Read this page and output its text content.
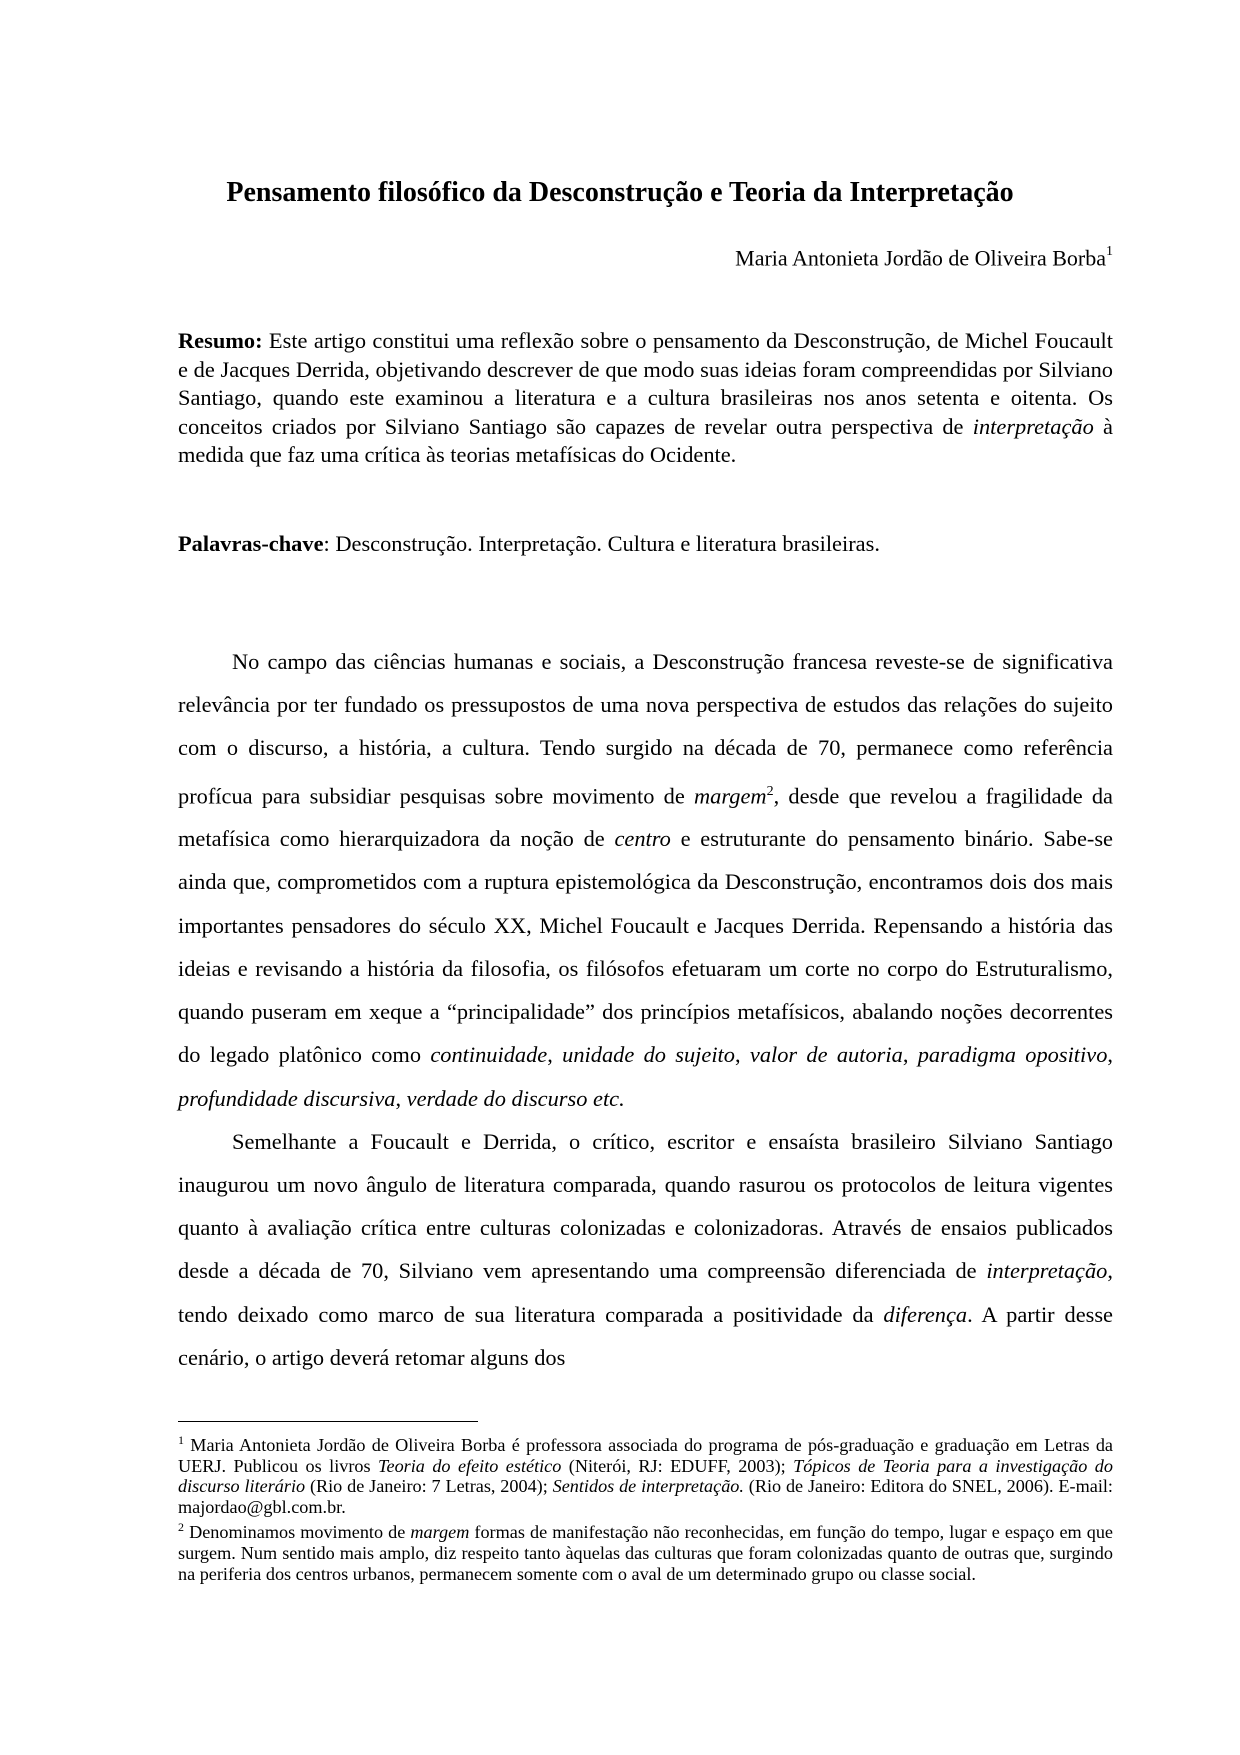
Pensamento filosófico da Desconstrução e Teoria da Interpretação
Maria Antonieta Jordão de Oliveira Borba$^1$

Resumo: Este artigo constitui uma reflexão sobre o pensamento da Desconstrução, de Michel Foucault e de Jacques Derrida, objetivando descrever de que modo suas ideias foram compreendidas por Silviano Santiago, quando este examinou a literatura e a cultura brasileiras nos anos setenta e oitenta. Os conceitos criados por Silviano Santiago são capazes de revelar outra perspectiva de interpretação à medida que faz uma crítica às teorias metafísicas do Ocidente.

Palavras-chave: Desconstrução. Interpretação. Cultura e literatura brasileiras.

No campo das ciências humanas e sociais, a Desconstrução francesa reveste-se de significativa relevância por ter fundado os pressupostos de uma nova perspectiva de estudos das relações do sujeito com o discurso, a história, a cultura. Tendo surgido na década de 70, permanece como referência profícua para subsidiar pesquisas sobre movimento de margem$^2$, desde que revelou a fragilidade da metafísica como hierarquizadora da noção de centro e estruturante do pensamento binário. Sabe-se ainda que, comprometidos com a ruptura epistemológica da Desconstrução, encontramos dois dos mais importantes pensadores do século XX, Michel Foucault e Jacques Derrida. Repensando a história das ideias e revisando a história da filosofia, os filósofos efetuaram um corte no corpo do Estruturalismo, quando puseram em xeque a “principalidade” dos princípios metafísicos, abalando noções decorrentes do legado platônico como continuidade, unidade do sujeito, valor de autoria, paradigma opositivo, profundidade discursiva, verdade do discurso etc.

Semelhante a Foucault e Derrida, o crítico, escritor e ensaísta brasileiro Silviano Santiago inaugurou um novo ângulo de literatura comparada, quando rasurou os protocolos de leitura vigentes quanto à avaliação crítica entre culturas colonizadas e colonizadoras. Através de ensaios publicados desde a década de 70, Silviano vem apresentando uma compreensão diferenciada de interpretação, tendo deixado como marco de sua literatura comparada a positividade da diferença. A partir desse cenário, o artigo deverá retomar alguns dos

$^1$ Maria Antonieta Jordão de Oliveira Borba é professora associada do programa de pós-graduação e graduação em Letras da UERJ. Publicou os livros Teoria do efeito estético (Niterói, RJ: EDUFF, 2003); Tópicos de Teoria para a investigação do discurso literário (Rio de Janeiro: 7 Letras, 2004); Sentidos de interpretação. (Rio de Janeiro: Editora do SNEL, 2006). E-mail: majordao@gbl.com.br.

$^2$ Denominamos movimento de margem formas de manifestação não reconhecidas, em função do tempo, lugar e espaço em que surgem. Num sentido mais amplo, diz respeito tanto àquelas das culturas que foram colonizadas quanto de outras que, surgindo na periferia dos centros urbanos, permanecem somente com o aval de um determinado grupo ou classe social.
